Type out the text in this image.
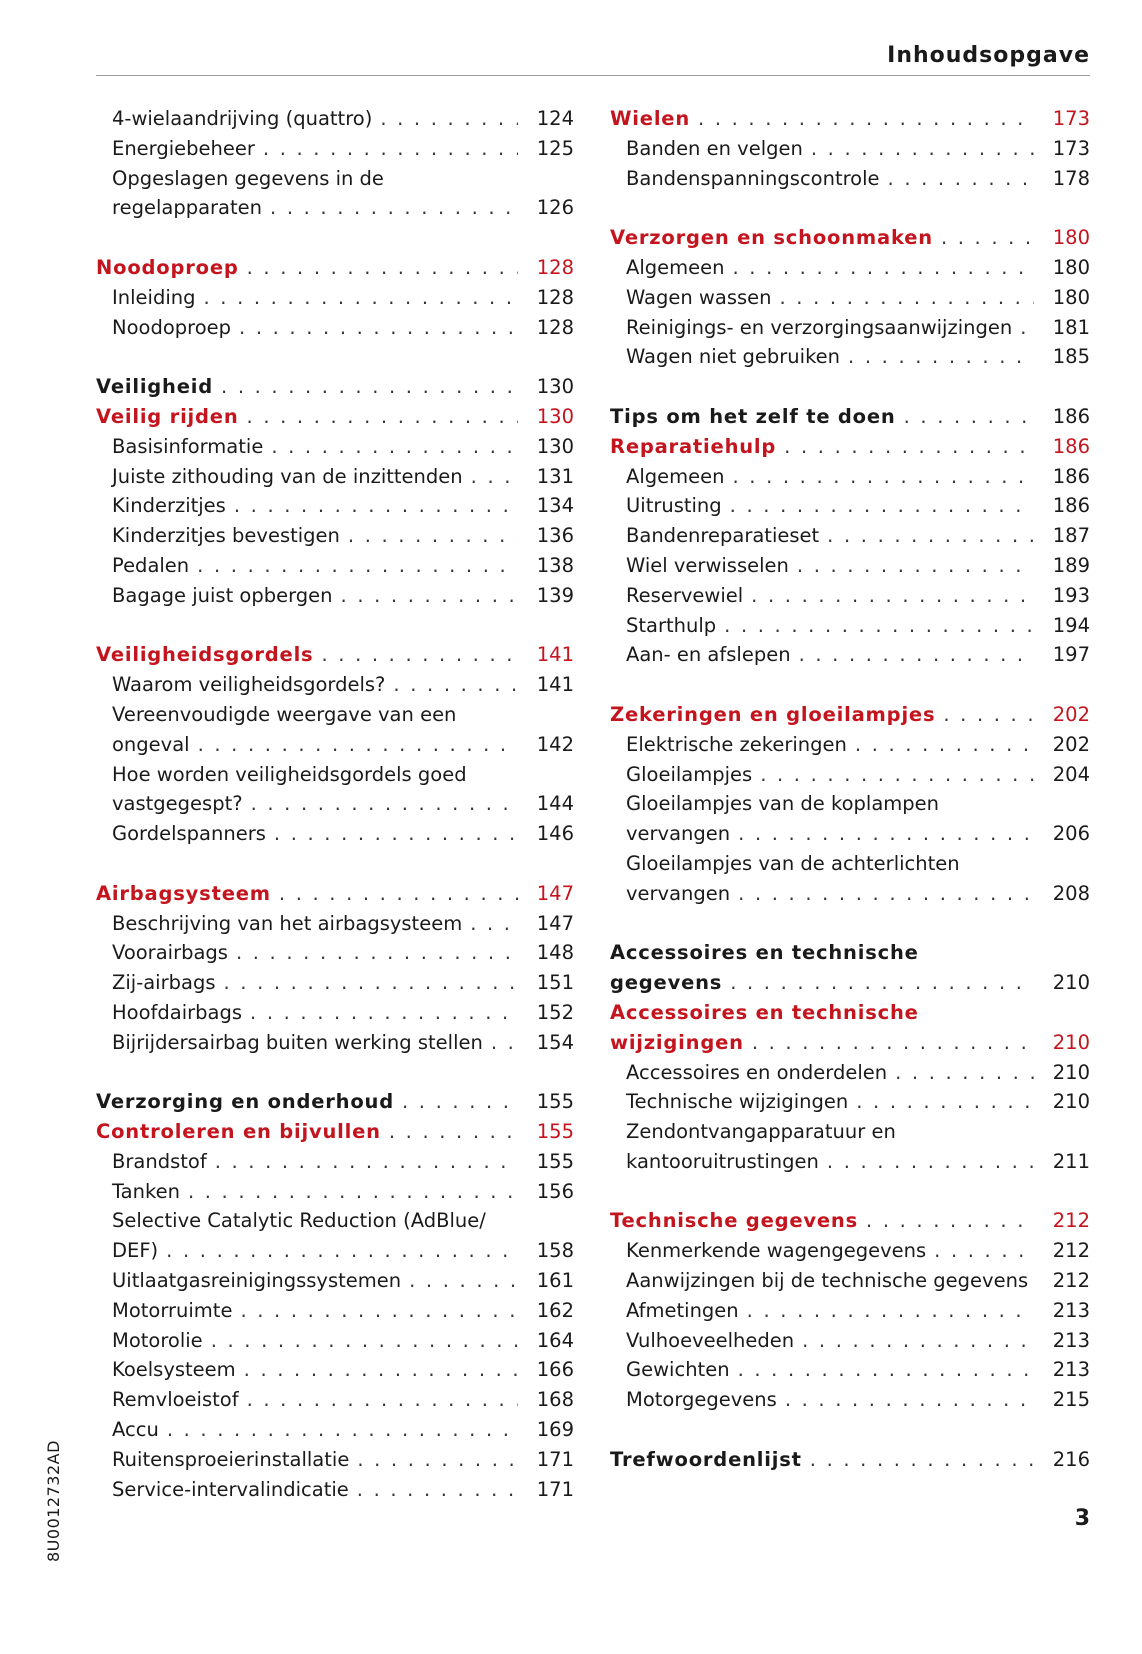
Inhoudsopgave
4-wielaandrijving (quattro) . . .	124
Energiebeheer . . .	125
Opgeslagen gegevens in de
regelapparaten . . .	126
Noodoproep . . .	128
Inleiding . . .	128
Noodoproep . . .	128
Veiligheid . . .	130
Veilig rijden . . .	130
Basisinformatie . . .	130
Juiste zithouding van de inzittenden . . .	131
Kinderzitjes . . .	134
Kinderzitjes bevestigen . . .	136
Pedalen . . .	138
Bagage juist opbergen . . .	139
Veiligheidsgordels . . .	141
Waarom veiligheidsgordels? . . .	141
Vereenvoudigde weergave van een
ongeval . . .	142
Hoe worden veiligheidsgordels goed
vastgegespt? . . .	144
Gordelspanners . . .	146
Airbagsysteem . . .	147
Beschrijving van het airbagsysteem . . .	147
Voorairbags . . .	148
Zij-airbags . . .	151
Hoofdairbags . . .	152
Bijrijdersairbag buiten werking stellen . . .	154
Verzorging en onderhoud . . .	155
Controleren en bijvullen . . .	155
Brandstof . . .	155
Tanken . . .	156
Selective Catalytic Reduction (AdBlue/
DEF) . . .	158
Uitlaatgasreinigingssystemen . . .	161
Motorruimte . . .	162
Motorolie . . .	164
Koelsysteem . . .	166
Remvloeistof . . .	168
Accu . . .	169
Ruitensproeierinstallatie . . .	171
Service-intervalindicatie . . .	171
Wielen . . .	173
Banden en velgen . . .	173
Bandenspanningscontrole . . .	178
Verzorgen en schoonmaken . . .	180
Algemeen . . .	180
Wagen wassen . . .	180
Reinigings- en verzorgingsaanwijzingen . . .	181
Wagen niet gebruiken . . .	185
Tips om het zelf te doen . . .	186
Reparatiehulp . . .	186
Algemeen . . .	186
Uitrusting . . .	186
Bandenreparatieset . . .	187
Wiel verwisselen . . .	189
Reservewiel . . .	193
Starthulp . . .	194
Aan- en afslepen . . .	197
Zekeringen en gloeilampjes . . .	202
Elektrische zekeringen . . .	202
Gloeilampjes . . .	204
Gloeilampjes van de koplampen
vervangen . . .	206
Gloeilampjes van de achterlichten
vervangen . . .	208
Accessoires en technische
gegevens . . .	210
Accessoires en technische
wijzigingen . . .	210
Accessoires en onderdelen . . .	210
Technische wijzigingen . . .	210
Zendontvangapparatuur en
kantooruitrustingen . . .	211
Technische gegevens . . .	212
Kenmerkende wagengegevens . . .	212
Aanwijzingen bij de technische gegevens	212
Afmetingen . . .	213
Vulhoeveelheden . . .	213
Gewichten . . .	213
Motorgegevens . . .	215
Trefwoordenlijst . . .	216
8U0012732AD	3
